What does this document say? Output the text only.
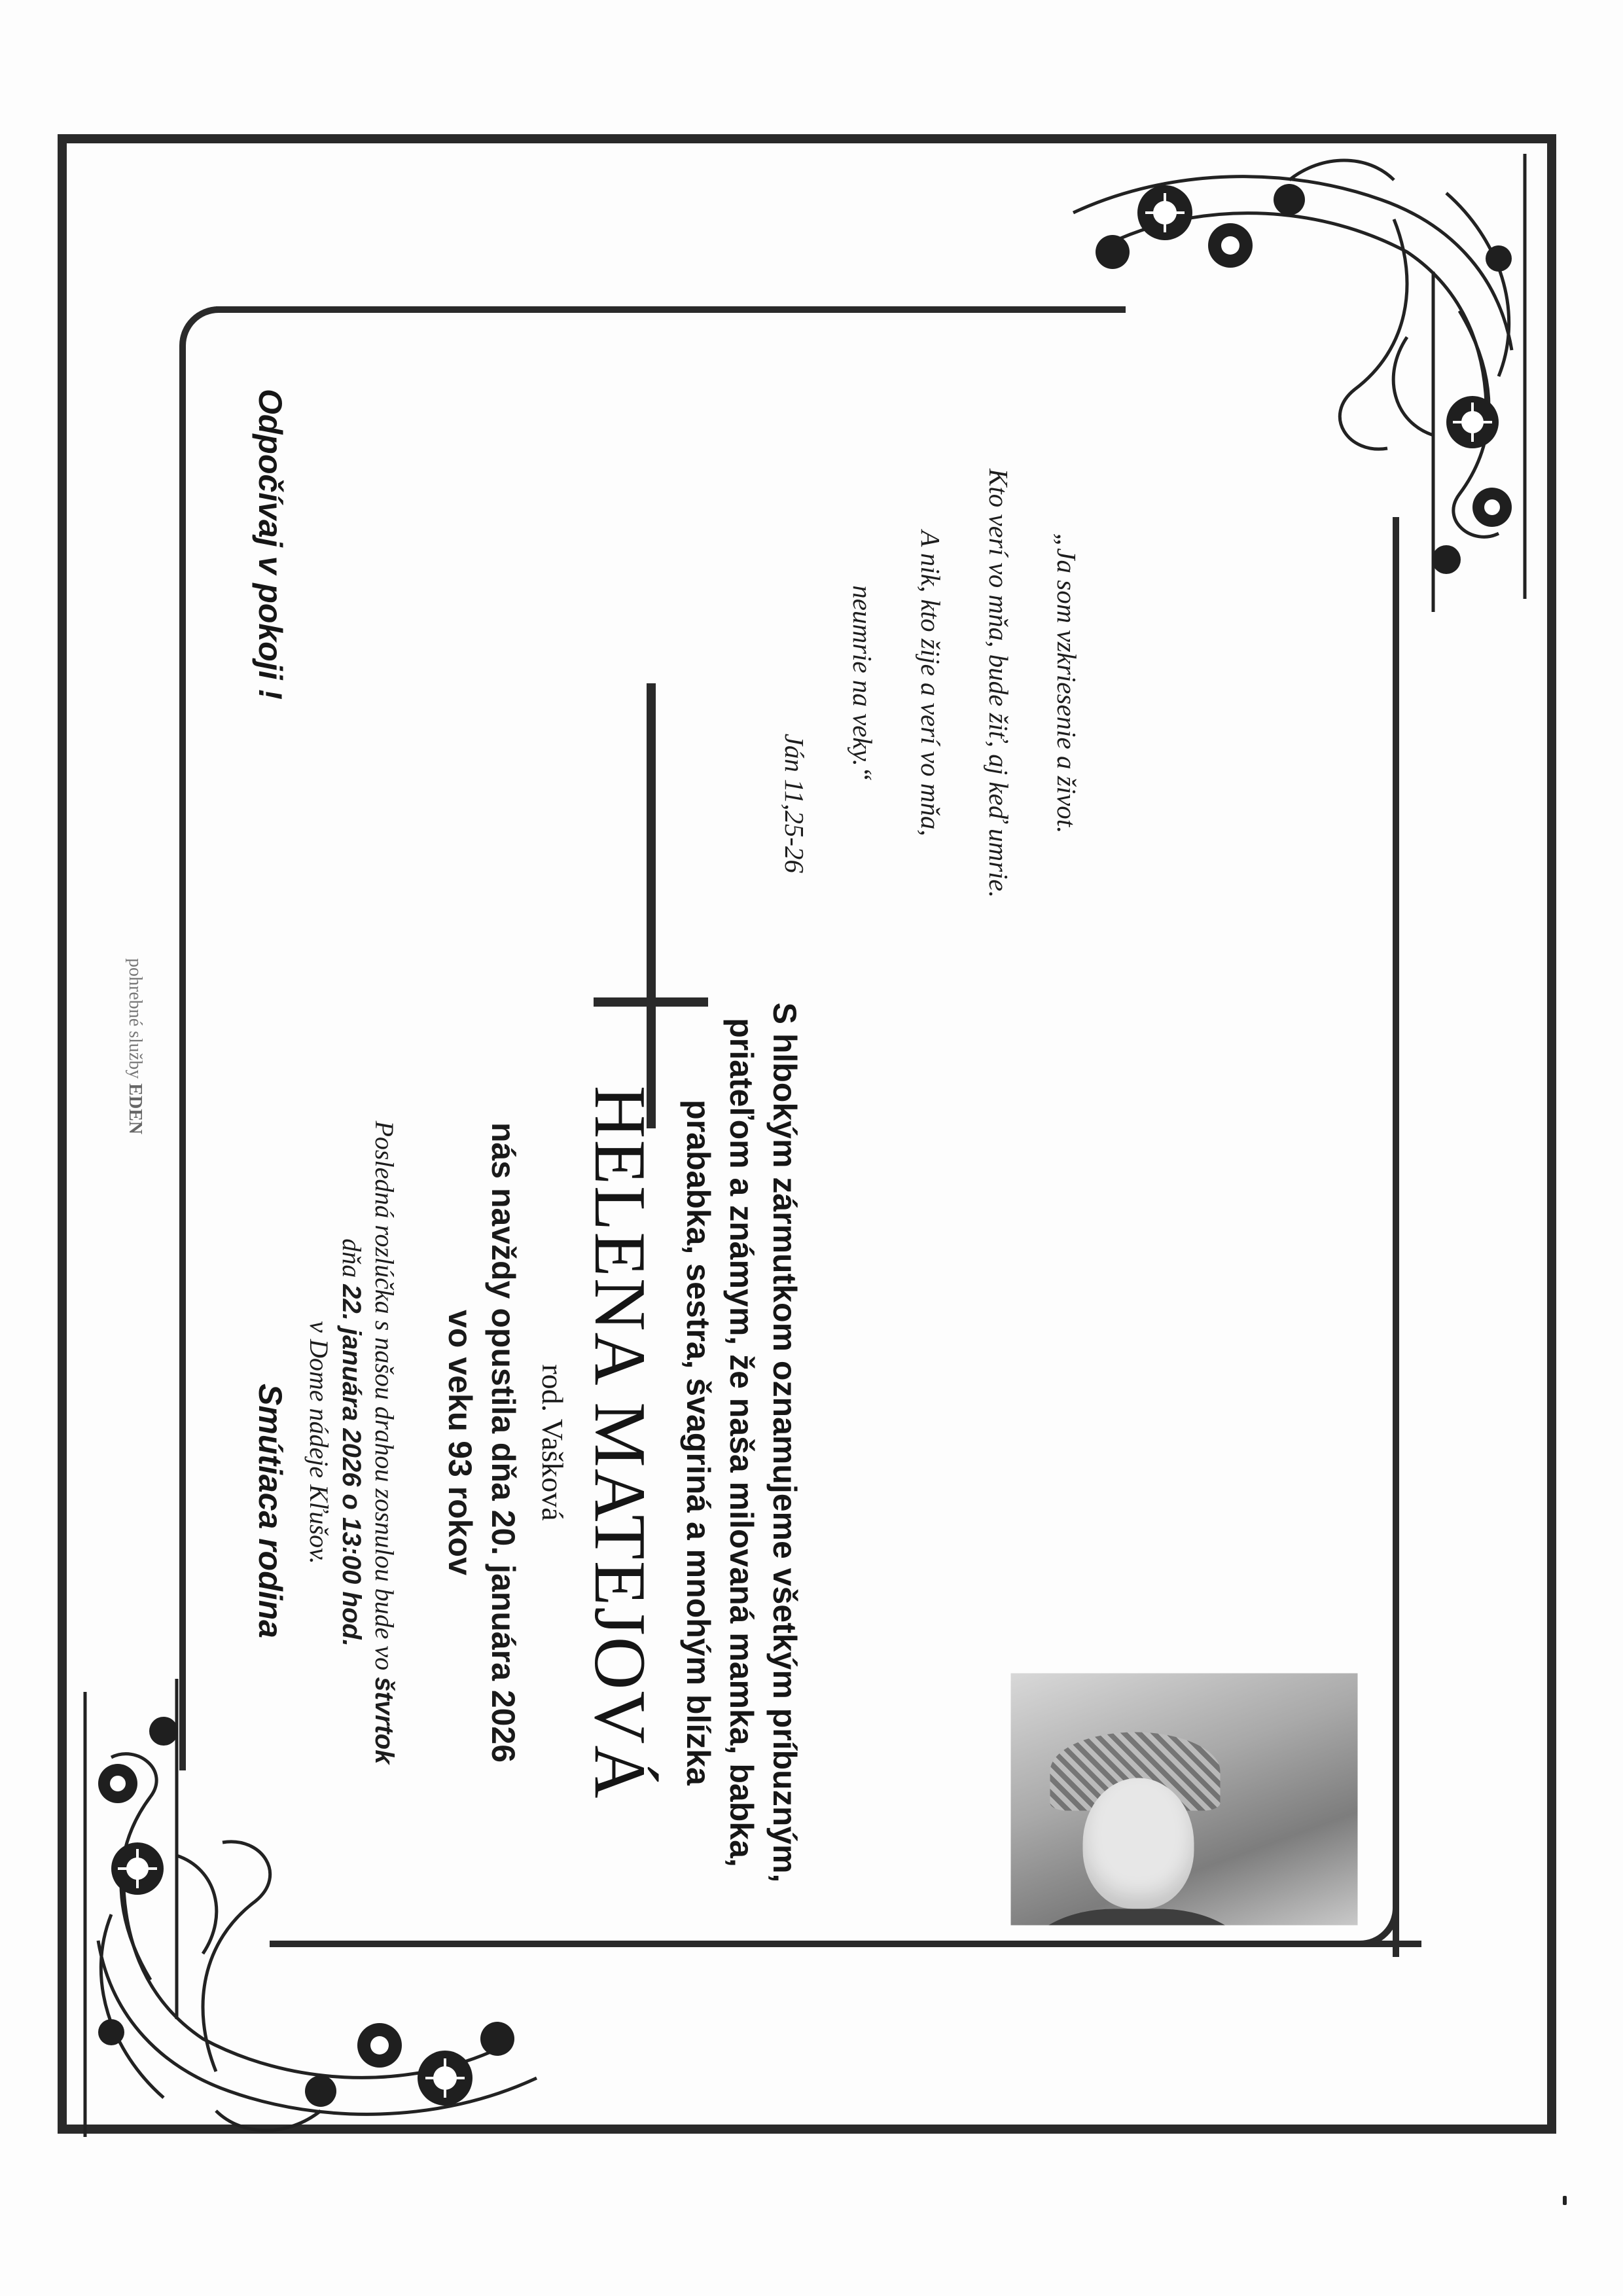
„Ja som vzkriesenie a život.
Kto verí vo mňa, bude žiť, aj keď umrie.
A nik, kto žije a verí vo mňa,
neumrie na veky.“
Ján 11,25-26
S hlbokým zármutkom oznamujeme všetkým príbuzným,
priateľom a známym, že naša milovaná mamka, babka,
prababka, sestra, švagriná a mnohým blízka
HELENA MATEJOVÁ
rod. Vašková
nás navždy opustila dňa 20. januára 2026
vo veku 93 rokov
Posledná rozlúčka s našou drahou zosnulou bude vo štvrtok
dňa 22. januára 2026 o 13:00 hod.
v Dome nádeje Kľušov.
Odpočívaj v pokoji !
Smútiaca rodina
pohrebné služby EDEN
